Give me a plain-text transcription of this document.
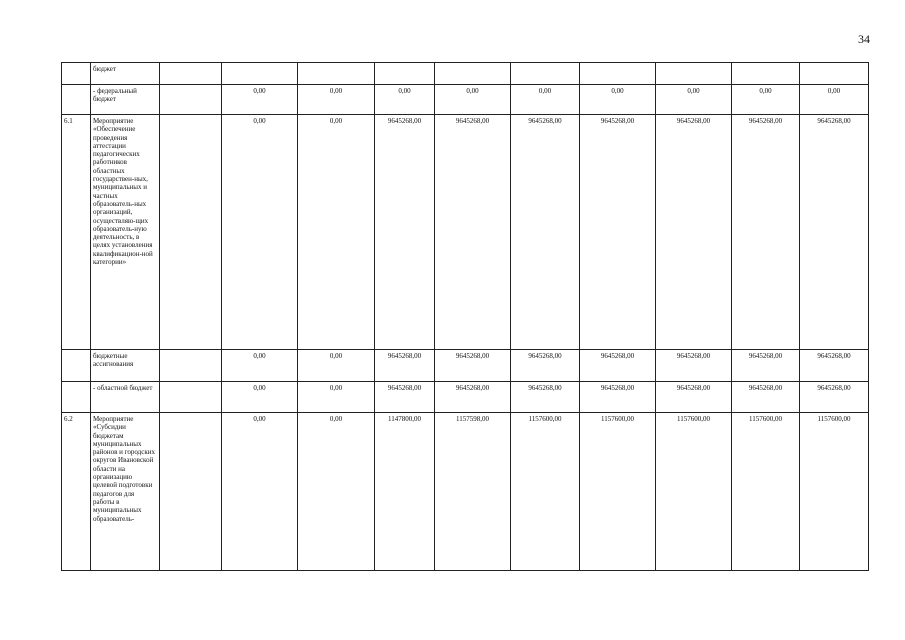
34
	бюджет										
	- федеральный бюджет		0,00	0,00	0,00	0,00	0,00	0,00	0,00	0,00	0,00
6.1	Мероприятие «Обеспечение проведения аттестации педагогических работников областных государствен-ных, муниципальных и частных образователь-ных организаций, осуществляю-щих образователь-ную деятельность, в целях установления квалификацион-ной категории»		0,00	0,00	9645268,00	9645268,00	9645268,00	9645268,00	9645268,00	9645268,00	9645268,00
	бюджетные ассигнования		0,00	0,00	9645268,00	9645268,00	9645268,00	9645268,00	9645268,00	9645268,00	9645268,00
	- областной бюджет		0,00	0,00	9645268,00	9645268,00	9645268,00	9645268,00	9645268,00	9645268,00	9645268,00
6.2	Мероприятие «Субсидии бюджетам муниципальных районов и городских округов Ивановской области на организацию целевой подготовки педагогов для работы в муниципальных образователь-		0,00	0,00	1147800,00	1157598,00	1157600,00	1157600,00	1157600,00	1157600,00	1157600,00
